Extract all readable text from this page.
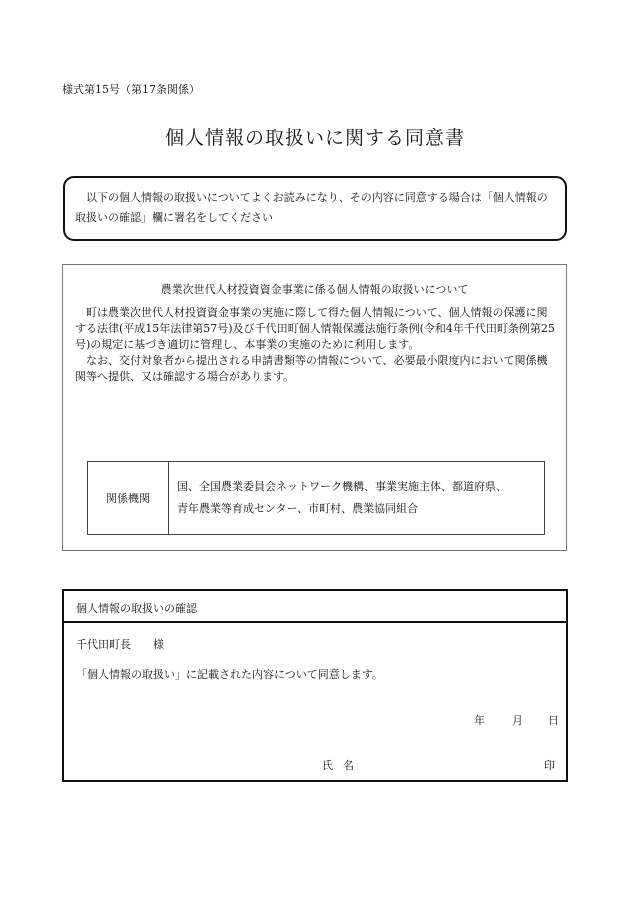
様式第15号（第17条関係）
個人情報の取扱いに関する同意書
以下の個人情報の取扱いについてよくお読みになり、その内容に同意する場合は「個人情報の取扱いの確認」欄に署名をしてください
農業次世代人材投資資金事業に係る個人情報の取扱いについて

町は農業次世代人材投資資金事業の実施に際して得た個人情報について、個人情報の保護に関する法律(平成15年法律第57号)及び千代田町個人情報保護法施行条例(令和4年千代田町条例第25号)の規定に基づき適切に管理し、本事業の実施のために利用します。

なお、交付対象者から提出される申請書類等の情報について、必要最小限度内において関係機関等へ提供、又は確認する場合があります。

関係機関	
国、全国農業委員会ネットワーク機構、事業実施主体、都道府県、
青年農業等育成センター、市町村、農業協同組合
個人情報の取扱いの確認
千代田町長　　様
「個人情報の取扱い」に記載された内容について同意します。
年 月 日
氏名	印
